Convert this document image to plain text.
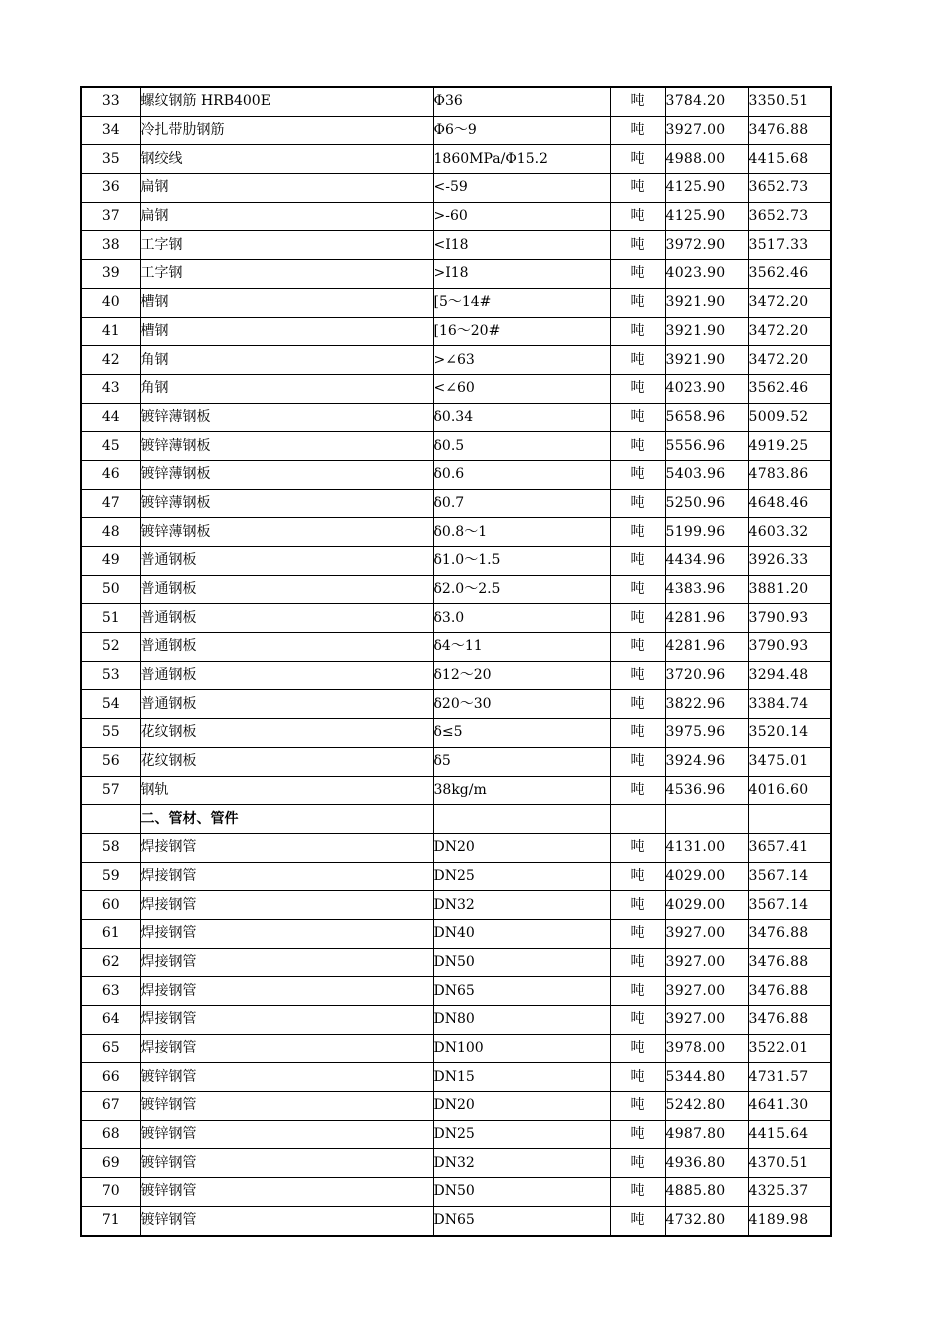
33	螺纹钢筋 HRB400E	Φ36	吨	3784.20	3350.51
34	冷扎带肋钢筋	Φ6～9	吨	3927.00	3476.88
35	钢绞线	1860MPa/Φ15.2	吨	4988.00	4415.68
36	扁钢	<-59	吨	4125.90	3652.73
37	扁钢	>-60	吨	4125.90	3652.73
38	工字钢	<Ⅰ18	吨	3972.90	3517.33
39	工字钢	>Ⅰ18	吨	4023.90	3562.46
40	槽钢	[5～14#	吨	3921.90	3472.20
41	槽钢	[16～20#	吨	3921.90	3472.20
42	角钢	>∠63	吨	3921.90	3472.20
43	角钢	<∠60	吨	4023.90	3562.46
44	镀锌薄钢板	δ0.34	吨	5658.96	5009.52
45	镀锌薄钢板	δ0.5	吨	5556.96	4919.25
46	镀锌薄钢板	δ0.6	吨	5403.96	4783.86
47	镀锌薄钢板	δ0.7	吨	5250.96	4648.46
48	镀锌薄钢板	δ0.8～1	吨	5199.96	4603.32
49	普通钢板	δ1.0～1.5	吨	4434.96	3926.33
50	普通钢板	δ2.0～2.5	吨	4383.96	3881.20
51	普通钢板	δ3.0	吨	4281.96	3790.93
52	普通钢板	δ4～11	吨	4281.96	3790.93
53	普通钢板	δ12～20	吨	3720.96	3294.48
54	普通钢板	δ20～30	吨	3822.96	3384.74
55	花纹钢板	δ≤5	吨	3975.96	3520.14
56	花纹钢板	δ5	吨	3924.96	3475.01
57	钢轨	38kg/m	吨	4536.96	4016.60
	二、管材、管件				
58	焊接钢管	DN20	吨	4131.00	3657.41
59	焊接钢管	DN25	吨	4029.00	3567.14
60	焊接钢管	DN32	吨	4029.00	3567.14
61	焊接钢管	DN40	吨	3927.00	3476.88
62	焊接钢管	DN50	吨	3927.00	3476.88
63	焊接钢管	DN65	吨	3927.00	3476.88
64	焊接钢管	DN80	吨	3927.00	3476.88
65	焊接钢管	DN100	吨	3978.00	3522.01
66	镀锌钢管	DN15	吨	5344.80	4731.57
67	镀锌钢管	DN20	吨	5242.80	4641.30
68	镀锌钢管	DN25	吨	4987.80	4415.64
69	镀锌钢管	DN32	吨	4936.80	4370.51
70	镀锌钢管	DN50	吨	4885.80	4325.37
71	镀锌钢管	DN65	吨	4732.80	4189.98
